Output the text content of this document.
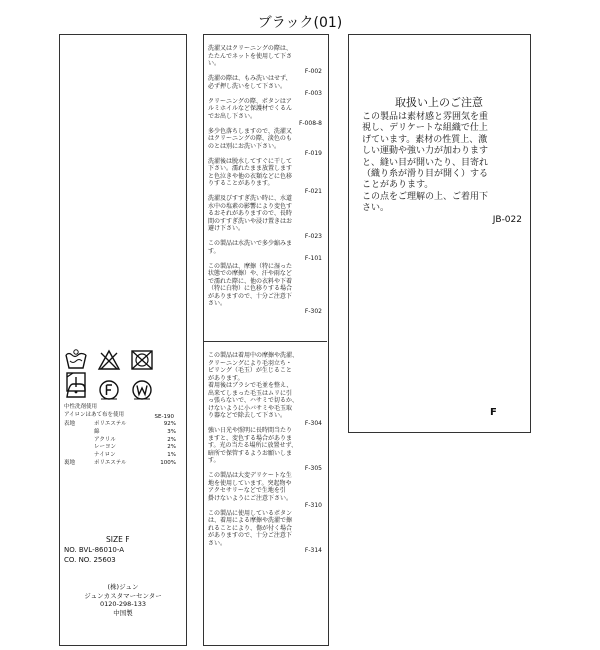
ブラック(01)

中性洗剤使用
アイロンはあて布を使用	SE-190
表地	ポリエステル	92%
綿	3%
アクリル	2%
レーヨン	2%
ナイロン	1%
裏地	ポリエステル	100%
SIZE F
NO. BVL-86010-A
CO. NO. 25603
(株)ジュン
ジュンカスタマーセンター
0120-298-133
中国製
洗濯又はクリーニングの際は、
たたんでネットを使用して下さ
い。
F-002
洗濯の際は、もみ洗いはせず、
必ず押し洗いをして下さい。
F-003
クリーニングの際、ボタンはア
ルミホイルなど保護材でくるん
でお出し下さい。
F-008-8
多少色落ちしますので、洗濯又
はクリーニングの際、淡色のも
のとは別にお洗い下さい。
F-019
洗濯後は脱水してすぐに干して
下さい。濡れたまま放置します
と色泣きや他の衣類などに色移
りすることがあります。
F-021
洗濯及びすすぎ洗い時に、水道
水中の塩素の影響により変色す
るおそれがありますので、長時
間のすすぎ洗いや浸け置きはお
避け下さい。
F-023
この製品は水洗いで多少縮みま
す。
F-101
この製品は、摩擦（特に湿った
状態での摩擦）や、汗や雨など
で濡れた際に、他の衣料や下着
（特に白物）に色移りする場合
がありますので、十分ご注意下
さい。
F-302
この製品は着用中の摩擦や洗濯、
クリーニングにより毛羽立ち・
ピリング（毛玉）が生じること
があります。
着用後はブラシで毛並を整え、
出来てしまった毛玉はムリに引
っ張らないで、ハサミで切るか、
けないように小バサミや毛玉取
り器などで除去して下さい。
F-304
強い日光や照明に長時間当たり
ますと、変色する場合がありま
す。光の当たる場所に放置せず、
暗所で保管するようお願いしま
す。
F-305
この製品は大変デリケートな生
地を使用しています。突起物や
アクセサリーなどで生地を引
掛けないようにご注意下さい。
F-310
この製品に使用しているボタン
は、着用による摩擦や洗濯で擦
れることにより、傷が付く場合
がありますので、十分ご注意下
さい。
F-314
取扱い上のご注意
この製品は素材感と雰囲気を重
視し、デリケートな組織で仕上
げています。素材の性質上、激
しい運動や強い力が加わります
と、縫い目が開いたり、目寄れ
（織り糸が滑り目が開く）する
ことがあります。
この点をご理解の上、ご着用下
さい。
JB-022
F
